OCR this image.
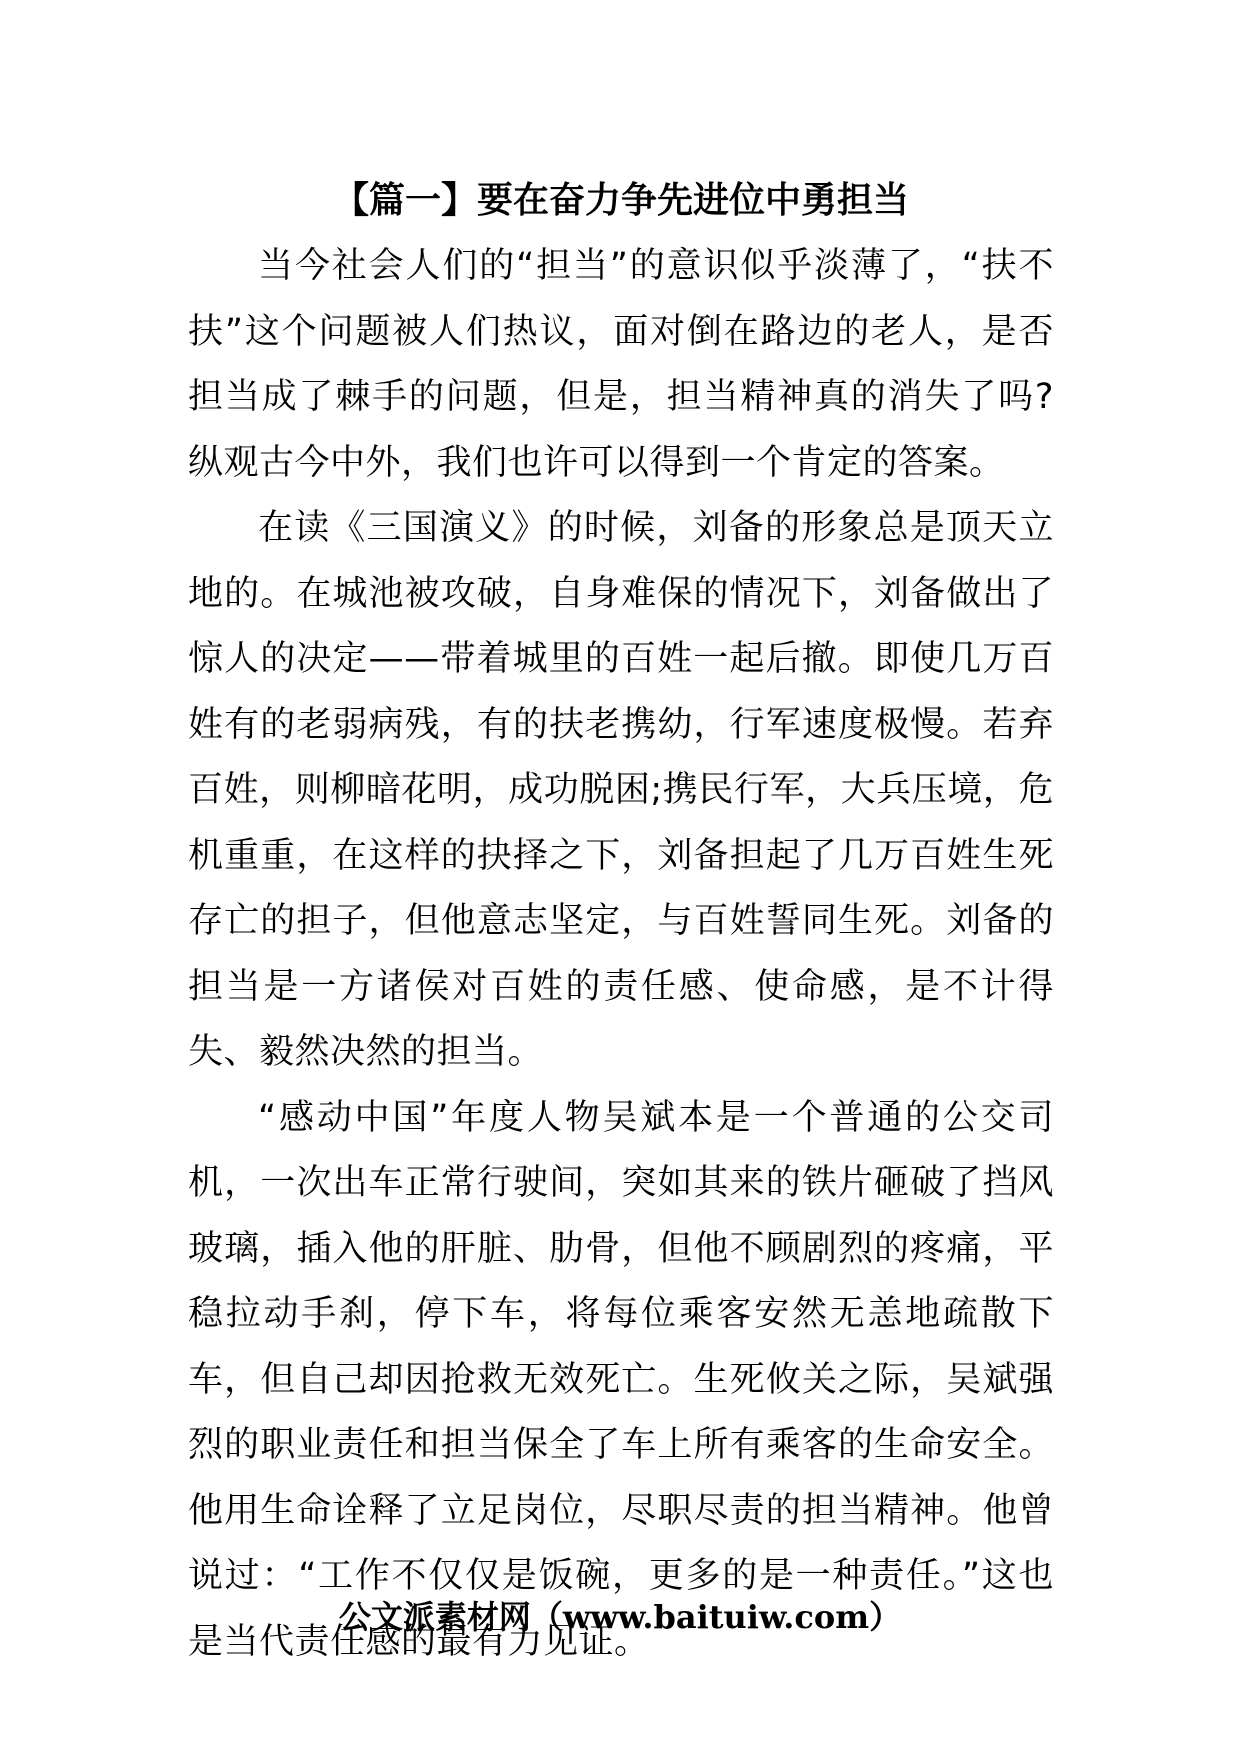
【篇一】要在奋力争先进位中勇担当

当今社会人们的“担当”的意识似乎淡薄了，“扶不扶”这个问题被人们热议，面对倒在路边的老人，是否担当成了棘手的问题，但是，担当精神真的消失了吗?纵观古今中外，我们也许可以得到一个肯定的答案。

在读《三国演义》的时候，刘备的形象总是顶天立地的。在城池被攻破，自身难保的情况下，刘备做出了惊人的决定——带着城里的百姓一起后撤。即使几万百姓有的老弱病残，有的扶老携幼，行军速度极慢。若弃百姓，则柳暗花明，成功脱困;携民行军，大兵压境，危机重重，在这样的抉择之下，刘备担起了几万百姓生死存亡的担子，但他意志坚定，与百姓誓同生死。刘备的担当是一方诸侯对百姓的责任感、使命感，是不计得失、毅然决然的担当。

“感动中国”年度人物吴斌本是一个普通的公交司机，一次出车正常行驶间，突如其来的铁片砸破了挡风玻璃，插入他的肝脏、肋骨，但他不顾剧烈的疼痛，平稳拉动手刹，停下车，将每位乘客安然无恙地疏散下车，但自己却因抢救无效死亡。生死攸关之际，吴斌强烈的职业责任和担当保全了车上所有乘客的生命安全。他用生命诠释了立足岗位，尽职尽责的担当精神。他曾说过：“工作不仅仅是饭碗，更多的是一种责任。”这也是当代责任感的最有力见证。

公文派素材网（www.baituiw.com）
